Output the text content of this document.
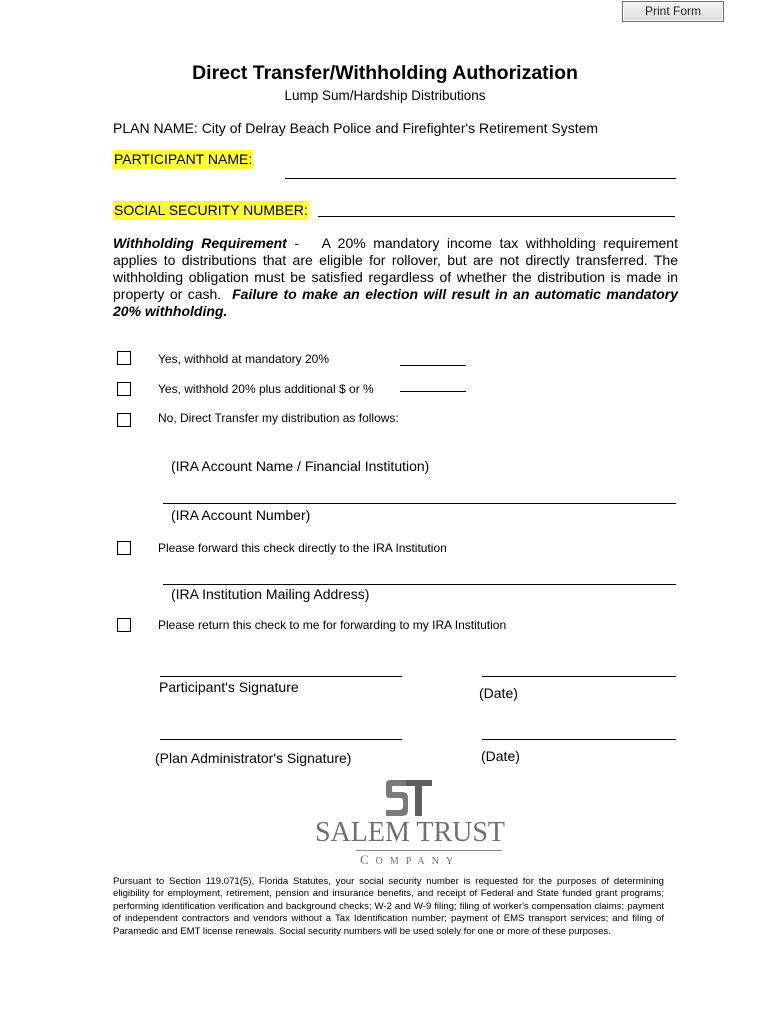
Print Form
Direct Transfer/Withholding Authorization
Lump Sum/Hardship Distributions
PLAN NAME: City of Delray Beach Police and Firefighter's Retirement System
PARTICIPANT NAME:
SOCIAL SECURITY NUMBER:
Withholding Requirement -   A 20% mandatory income tax withholding requirement applies to distributions that are eligible for rollover, but are not directly transferred. The withholding obligation must be satisfied regardless of whether the distribution is made in property or cash. Failure to make an election will result in an automatic mandatory 20% withholding.
Yes, withhold at mandatory 20%
Yes, withhold 20% plus additional $ or %
No, Direct Transfer my distribution as follows:
(IRA Account Name / Financial Institution)
(IRA Account Number)
Please forward this check directly to the IRA Institution
(IRA Institution Mailing Address)
Please return this check to me for forwarding to my IRA Institution
Participant's Signature	(Date)
(Plan Administrator's Signature)	(Date)
SALEM TRUST
COMPANY
Pursuant to Section 119.071(5), Florida Statutes, your social security number is requested for the purposes of determining eligibility for employment, retirement, pension and insurance benefits, and receipt of Federal and State funded grant programs; performing identification verification and background checks; W-2 and W-9 filing; filing of worker's compensation claims; payment of independent contractors and vendors without a Tax Identification number; payment of EMS transport services; and filing of Paramedic and EMT license renewals. Social security numbers will be used solely for one or more of these purposes.
